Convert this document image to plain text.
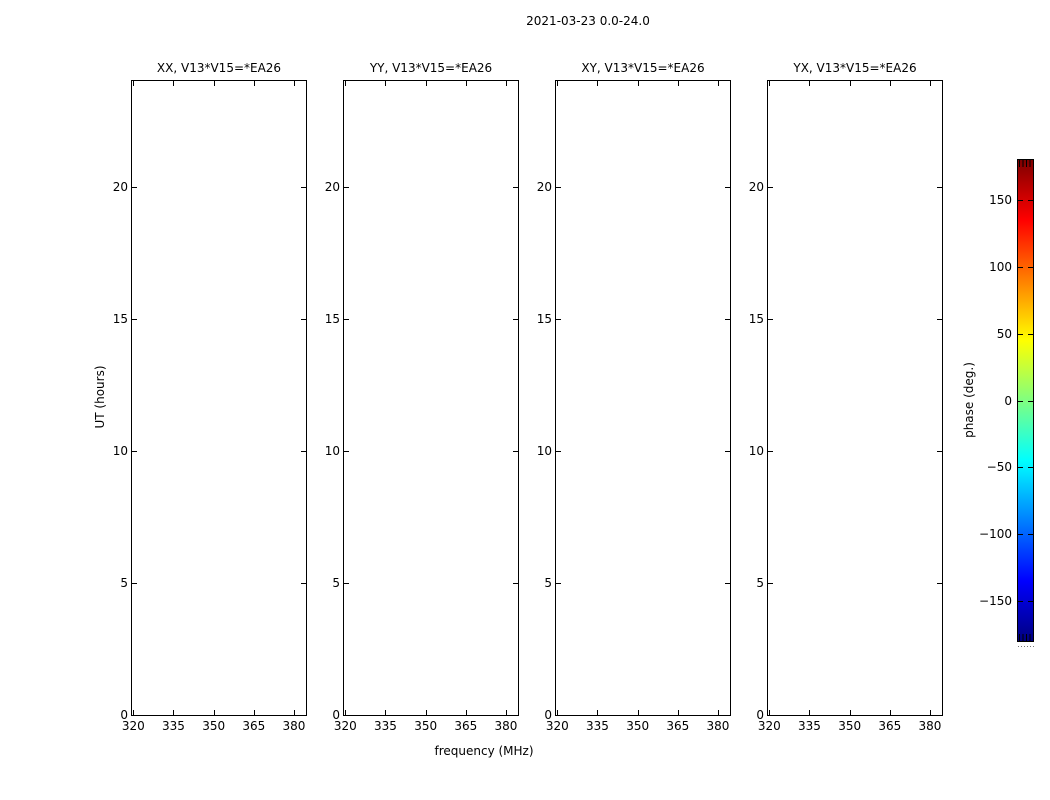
2021-03-23 0.0-24.0
UT (hours)
frequency (MHz)
XX, V13*V15=*EA26
320 335 350 365 380
0
5
10
15
20
YY, V13*V15=*EA26
320 335 350 365 380
0
5
10
15
20
XY, V13*V15=*EA26
320 335 350 365 380
0
5
10
15
20
YX, V13*V15=*EA26
320 335 350 365 380
0
5
10
15
20
phase (deg.)
150
100
50
0
−50
−100
−150
